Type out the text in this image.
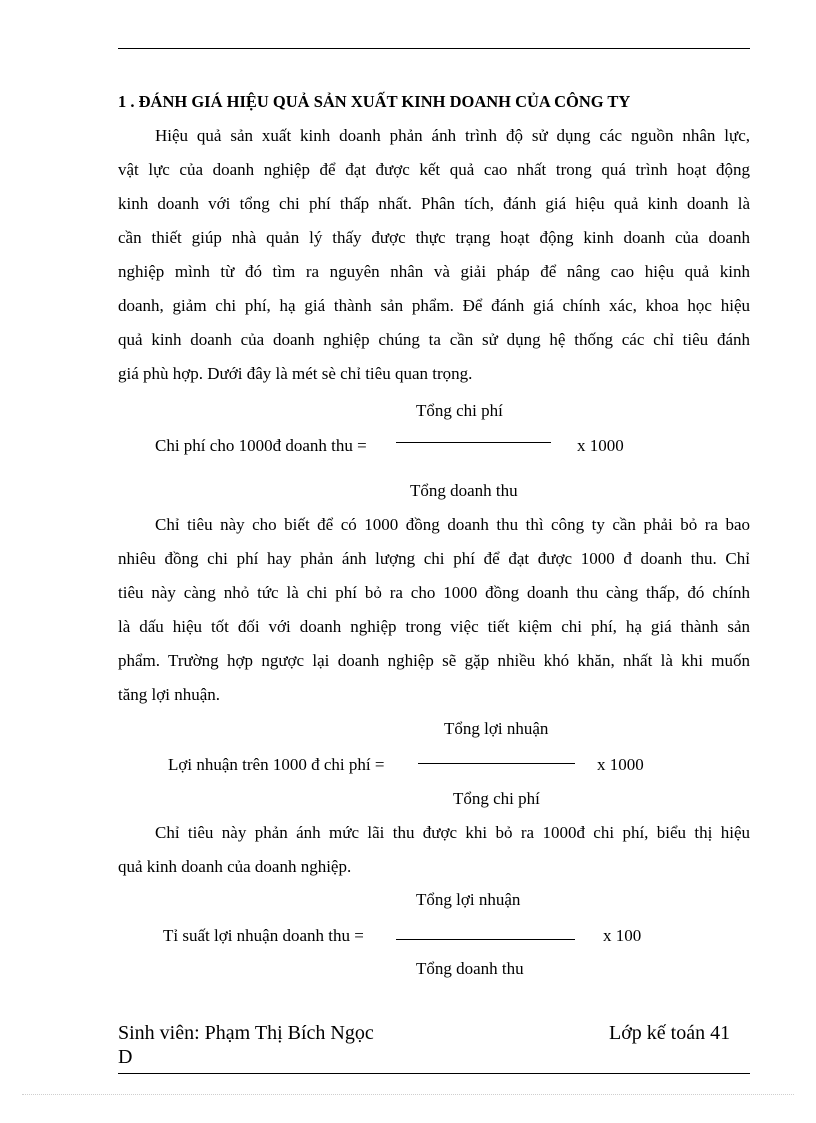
1 . ĐÁNH GIÁ HIỆU QUẢ SẢN XUẤT KINH DOANH CỦA CÔNG TY
Hiệu quả sản xuất kinh doanh phản ánh trình độ sử dụng các nguồn nhân lực,
vật lực của doanh nghiệp để đạt được kết quả cao nhất trong quá trình hoạt động
kinh doanh với tổng chi phí thấp nhất. Phân tích, đánh giá hiệu quả kinh doanh là
cần thiết giúp nhà quản lý thấy được thực trạng hoạt động kinh doanh của doanh
nghiệp mình từ đó tìm ra nguyên nhân và giải pháp để nâng cao hiệu quả kinh
doanh, giảm chi phí, hạ giá thành sản phẩm. Để đánh giá chính xác, khoa học hiệu
quả kinh doanh của doanh nghiệp chúng ta cần sử dụng hệ thống các chỉ tiêu đánh
giá phù hợp. Dưới đây là mét sè chỉ tiêu quan trọng.
Tổng chi phí
Chi phí cho 1000đ doanh thu =	x 1000
Tổng doanh thu
Chỉ tiêu này cho biết để có 1000 đồng doanh thu thì công ty cần phải bỏ ra bao
nhiêu đồng chi phí hay phản ánh lượng chi phí để đạt được 1000 đ doanh thu. Chỉ
tiêu này càng nhỏ tức là chi phí bỏ ra cho 1000 đồng doanh thu càng thấp, đó chính
là dấu hiệu tốt đối với doanh nghiệp trong việc tiết kiệm chi phí, hạ giá thành sản
phẩm. Trường hợp ngược lại doanh nghiệp sẽ gặp nhiều khó khăn, nhất là khi muốn
tăng lợi nhuận.
Tổng lợi nhuận
Lợi nhuận trên 1000 đ chi phí =	x 1000
Tổng chi phí
Chỉ tiêu này phản ánh mức lãi thu được khi bỏ ra 1000đ chi phí, biểu thị hiệu
quả kinh doanh của doanh nghiệp.
Tổng lợi nhuận
Tỉ suất lợi nhuận doanh thu =	x 100
Tổng doanh thu
Sinh viên: Phạm Thị Bích Ngọc
D
Lớp kế toán 41
